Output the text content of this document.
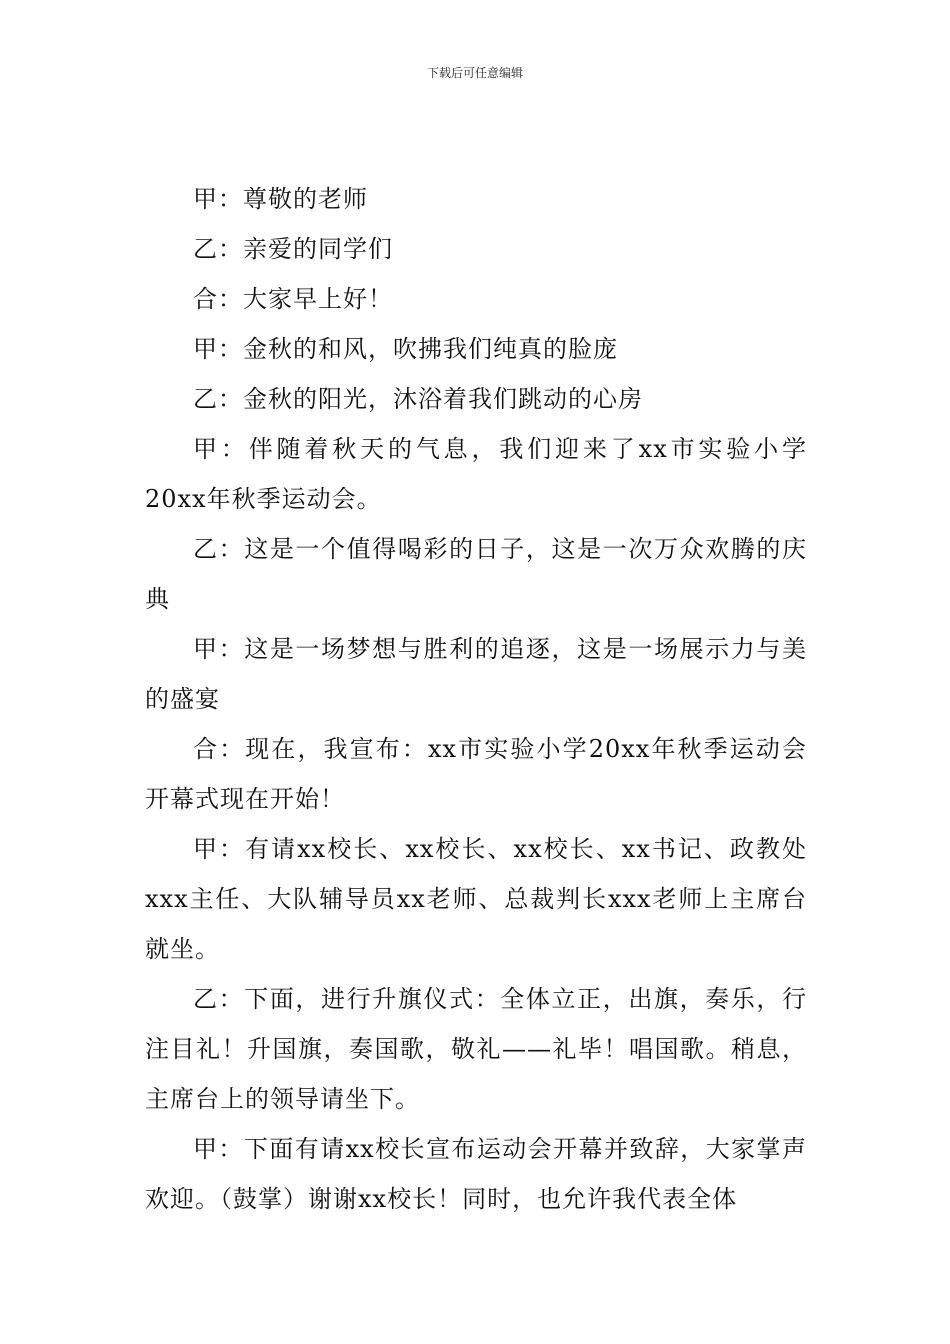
下载后可任意编辑

甲：尊敬的老师

乙：亲爱的同学们

合：大家早上好！

甲：金秋的和风，吹拂我们纯真的脸庞

乙：金秋的阳光，沐浴着我们跳动的心房

甲：伴随着秋天的气息，我们迎来了xx市实验小学20xx年秋季运动会。

乙：这是一个值得喝彩的日子，这是一次万众欢腾的庆典

甲：这是一场梦想与胜利的追逐，这是一场展示力与美的盛宴

合：现在，我宣布：xx市实验小学20xx年秋季运动会开幕式现在开始！

甲：有请xx校长、xx校长、xx校长、xx书记、政教处xxx主任、大队辅导员xx老师、总裁判长xxx老师上主席台就坐。

乙：下面，进行升旗仪式：全体立正，出旗，奏乐，行注目礼！升国旗，奏国歌，敬礼——礼毕！唱国歌。稍息，主席台上的领导请坐下。

甲：下面有请xx校长宣布运动会开幕并致辞，大家掌声欢迎。（鼓掌）谢谢xx校长！同时，也允许我代表全体
